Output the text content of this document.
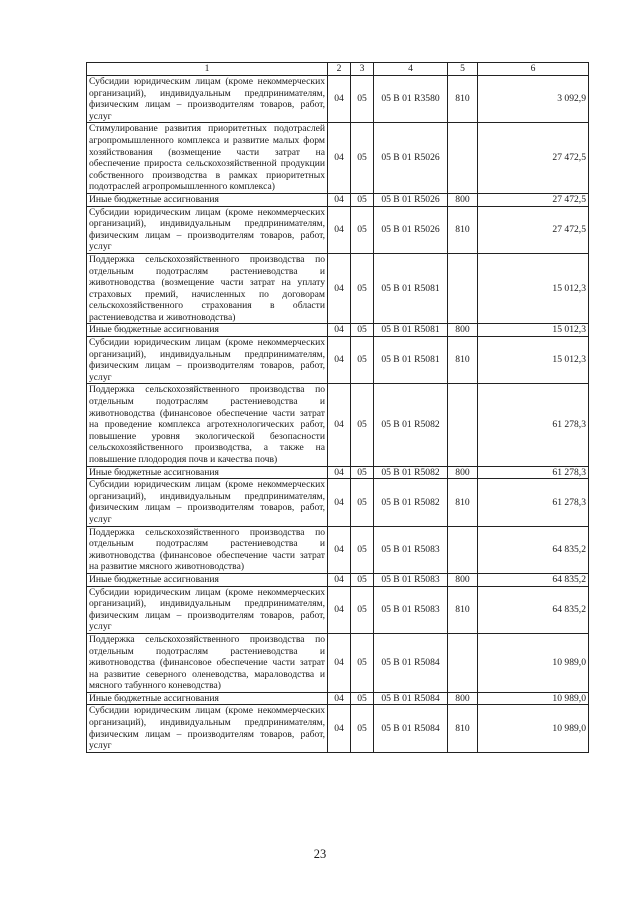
1	2	3	4	5	6
Субсидии юридическим лицам (кроме некоммерческих организаций), индивидуальным предпринимателям, физическим лицам – производителям товаров, работ, услуг	04	05	05 В 01 R3580	810	3 092,9
Стимулирование развития приоритетных подотраслей агропромышленного комплекса и развитие малых форм хозяйствования (возмещение части затрат на обеспечение прироста сельскохозяйственной продукции собственного производства в рамках приоритетных подотраслей агропромышленного комплекса)	04	05	05 В 01 R5026		27 472,5
Иные бюджетные ассигнования	04	05	05 В 01 R5026	800	27 472,5
Субсидии юридическим лицам (кроме некоммерческих организаций), индивидуальным предпринимателям, физическим лицам – производителям товаров, работ, услуг	04	05	05 В 01 R5026	810	27 472,5
Поддержка сельскохозяйственного производства по отдельным подотраслям растениеводства и животноводства (возмещение части затрат на уплату страховых премий, начисленных по договорам сельскохозяйственного страхования в области растениеводства и животноводства)	04	05	05 В 01 R5081		15 012,3
Иные бюджетные ассигнования	04	05	05 В 01 R5081	800	15 012,3
Субсидии юридическим лицам (кроме некоммерческих организаций), индивидуальным предпринимателям, физическим лицам – производителям товаров, работ, услуг	04	05	05 В 01 R5081	810	15 012,3
Поддержка сельскохозяйственного производства по отдельным подотраслям растениеводства и животноводства (финансовое обеспечение части затрат на проведение комплекса агротехнологических работ, повышение уровня экологической безопасности сельскохозяйственного производства, а также на повышение плодородия почв и качества почв)	04	05	05 В 01 R5082		61 278,3
Иные бюджетные ассигнования	04	05	05 В 01 R5082	800	61 278,3
Субсидии юридическим лицам (кроме некоммерческих организаций), индивидуальным предпринимателям, физическим лицам – производителям товаров, работ, услуг	04	05	05 В 01 R5082	810	61 278,3
Поддержка сельскохозяйственного производства по отдельным подотраслям растениеводства и животноводства (финансовое обеспечение части затрат на развитие мясного животноводства)	04	05	05 В 01 R5083		64 835,2
Иные бюджетные ассигнования	04	05	05 В 01 R5083	800	64 835,2
Субсидии юридическим лицам (кроме некоммерческих организаций), индивидуальным предпринимателям, физическим лицам – производителям товаров, работ, услуг	04	05	05 В 01 R5083	810	64 835,2
Поддержка сельскохозяйственного производства по отдельным подотраслям растениеводства и животноводства (финансовое обеспечение части затрат на развитие северного оленеводства, мараловодства и мясного табунного коневодства)	04	05	05 В 01 R5084		10 989,0
Иные бюджетные ассигнования	04	05	05 В 01 R5084	800	10 989,0
Субсидии юридическим лицам (кроме некоммерческих организаций), индивидуальным предпринимателям, физическим лицам – производителям товаров, работ, услуг	04	05	05 В 01 R5084	810	10 989,0
23
